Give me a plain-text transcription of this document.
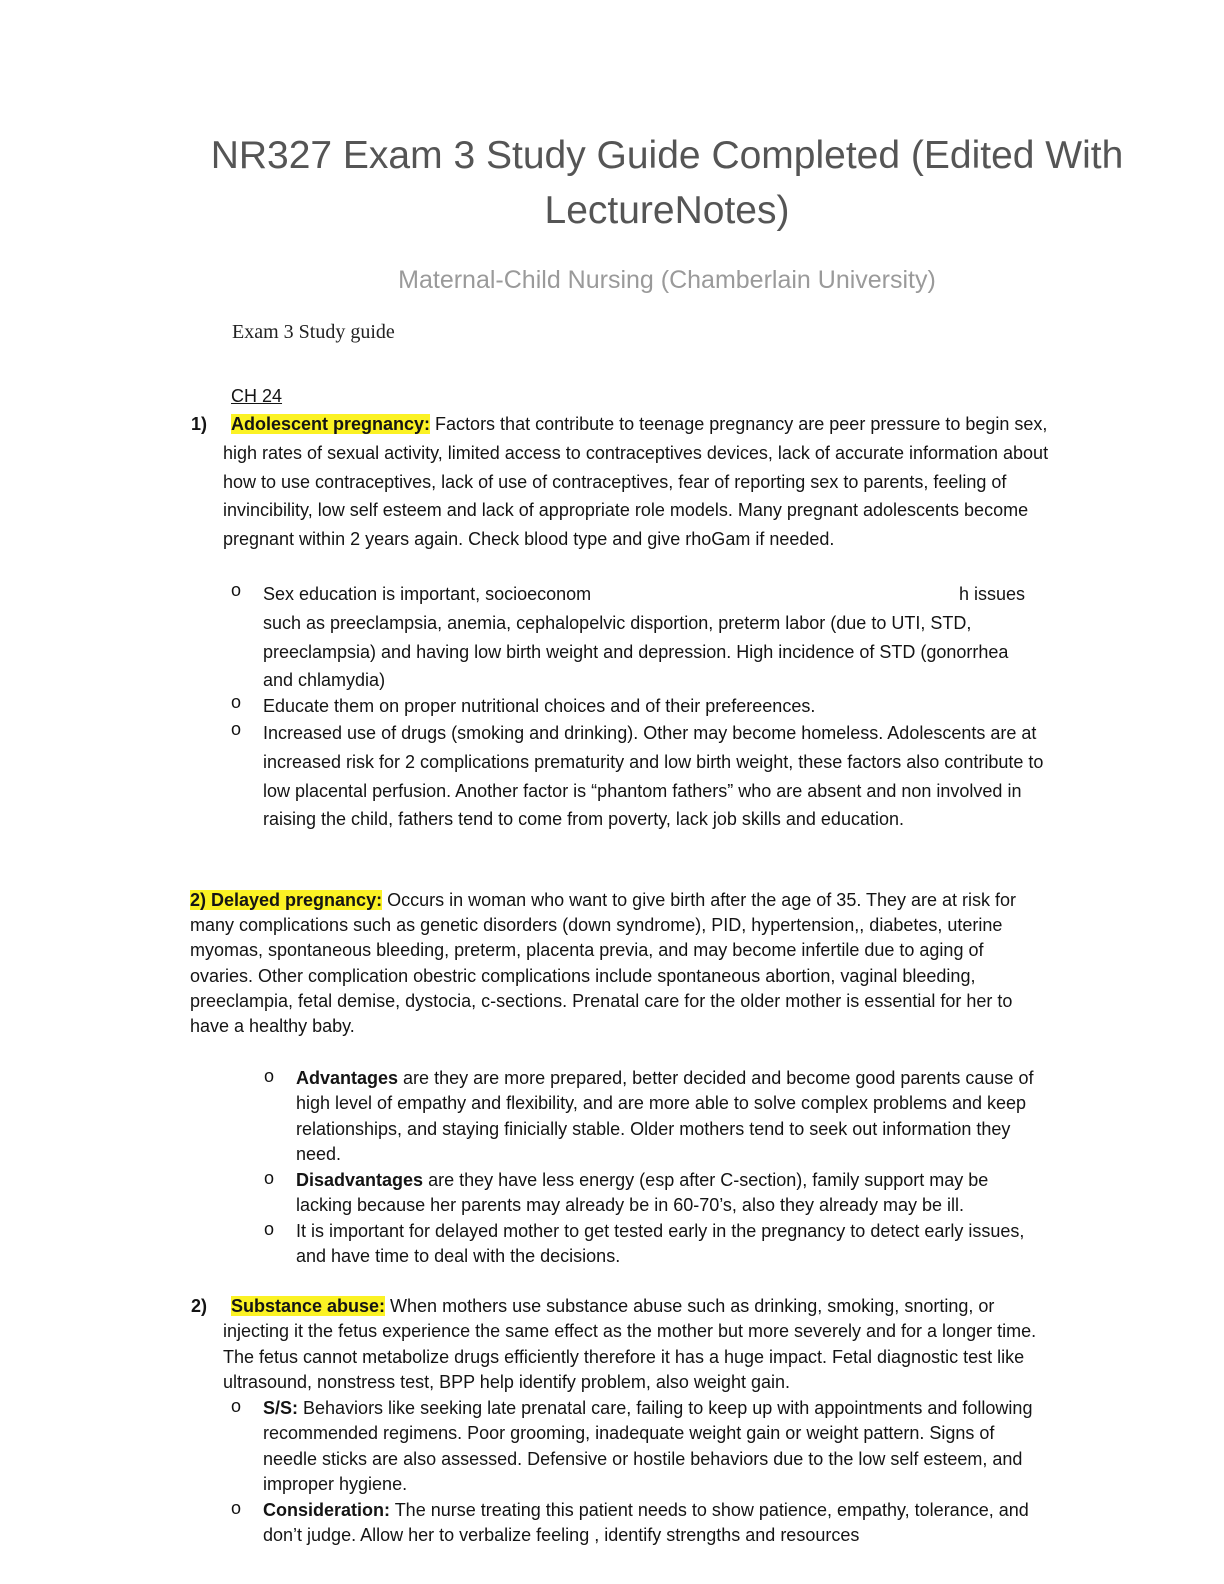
NR327 Exam 3 Study Guide Completed (Edited With LectureNotes)
Maternal-Child Nursing (Chamberlain University)
Exam 3 Study guide
CH 24
1)	Adolescent pregnancy: Factors that contribute to teenage pregnancy are peer pressure to begin sex, high rates of sexual activity, limited access to contraceptives devices, lack of accurate information about how to use contraceptives, lack of use of contraceptives, fear of reporting sex to parents, feeling of invincibility, low self esteem and lack of appropriate role models. Many pregnant adolescents become pregnant within 2 years again. Check blood type and give rhoGam if needed.
o Sex education is important, socioeconom	h issues
such as preeclampsia, anemia, cephalopelvic disportion, preterm labor (due to UTI, STD, preeclampsia) and having low birth weight and depression. High incidence of STD (gonorrhea and chlamydia)
o Educate them on proper nutritional choices and of their prefereences.
o Increased use of drugs (smoking and drinking). Other may become homeless. Adolescents are at increased risk for 2 complications prematurity and low birth weight, these factors also contribute to low placental perfusion. Another factor is “phantom fathers” who are absent and non involved in raising the child, fathers tend to come from poverty, lack job skills and education.
2) Delayed pregnancy: Occurs in woman who want to give birth after the age of 35. They are at risk for many complications such as genetic disorders (down syndrome), PID, hypertension,, diabetes, uterine myomas, spontaneous bleeding, preterm, placenta previa, and may become infertile due to aging of ovaries. Other complication obestric complications include spontaneous abortion, vaginal bleeding, preeclampia, fetal demise, dystocia, c-sections. Prenatal care for the older mother is essential for her to have a healthy baby.
o Advantages are they are more prepared, better decided and become good parents cause of high level of empathy and flexibility, and are more able to solve complex problems and keep relationships, and staying finicially stable. Older mothers tend to seek out information they need.
o Disadvantages are they have less energy (esp after C-section), family support may be lacking because her parents may already be in 60-70’s, also they already may be ill.
o It is important for delayed mother to get tested early in the pregnancy to detect early issues, and have time to deal with the decisions.
2)	Substance abuse: When mothers use substance abuse such as drinking, smoking, snorting, or injecting it the fetus experience the same effect as the mother but more severely and for a longer time. The fetus cannot metabolize drugs efficiently therefore it has a huge impact. Fetal diagnostic test like ultrasound, nonstress test, BPP help identify problem, also weight gain.
o S/S: Behaviors like seeking late prenatal care, failing to keep up with appointments and following recommended regimens. Poor grooming, inadequate weight gain or weight pattern. Signs of needle sticks are also assessed. Defensive or hostile behaviors due to the low self esteem, and improper hygiene.
o Consideration: The nurse treating this patient needs to show patience, empathy, tolerance, and don’t judge. Allow her to verbalize feeling , identify strengths and resources
